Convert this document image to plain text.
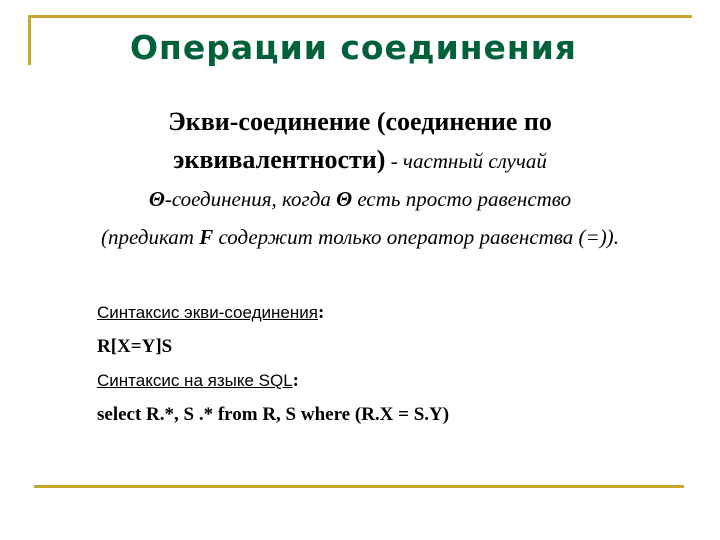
Операции соединения
Экви-соединение (соединение по
эквивалентности) - частный случай
Θ-соединения, когда Θ есть просто равенство
(предикат F содержит только оператор равенства (=)).
Синтаксис экви-соединения:
R[X=Y]S
Синтаксис на языке SQL:
select R.*, S .* from R, S where (R.X = S.Y)
